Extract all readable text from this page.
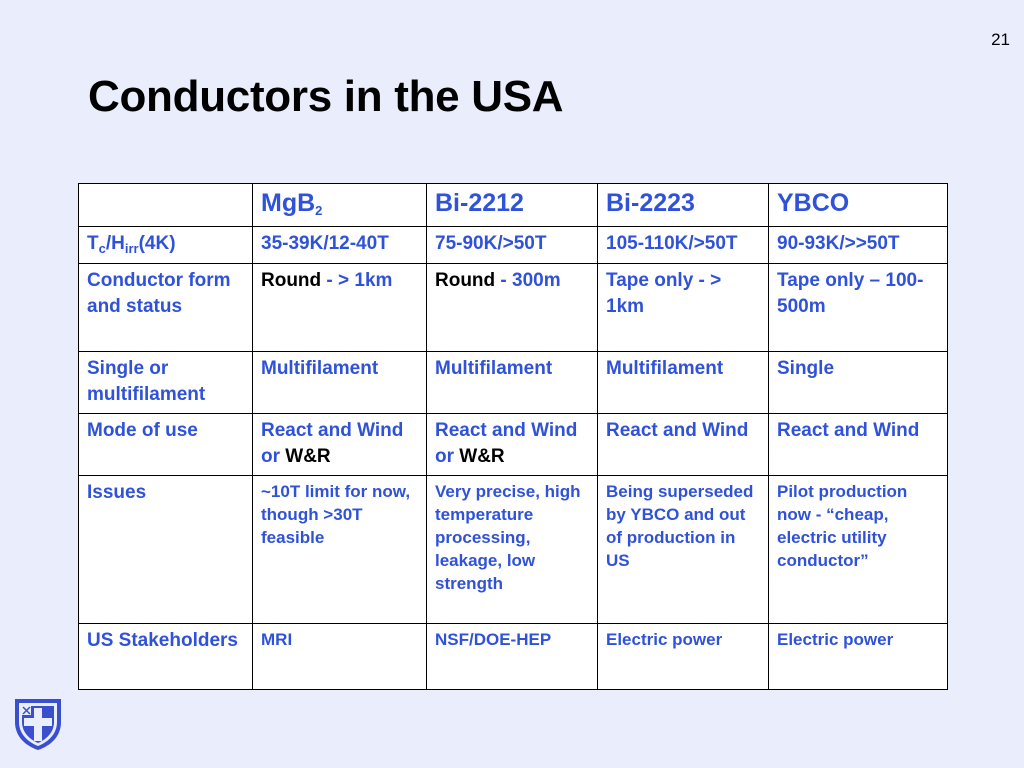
21
Conductors in the USA
	MgB$_2$	Bi-2212	Bi-2223	YBCO
$T_c/H_{irr}(4K)$	35-39K/12-40T	75-90K/>50T	105-110K/>50T	90-93K/>>50T
Conductor form and status	Round - > 1km	Round - 300m	Tape only - > 1km	Tape only – 100-500m
Single or multifilament	Multifilament	Multifilament	Multifilament	Single
Mode of use	React and Wind or W&R	React and Wind or W&R	React and Wind	React and Wind
Issues	~10T limit for now, though >30T feasible	Very precise, high temperature processing, leakage, low strength	Being superseded by YBCO and out of production in US	Pilot production now - “cheap, electric utility conductor”
US Stakeholders	MRI	NSF/DOE-HEP	Electric power	Electric power
